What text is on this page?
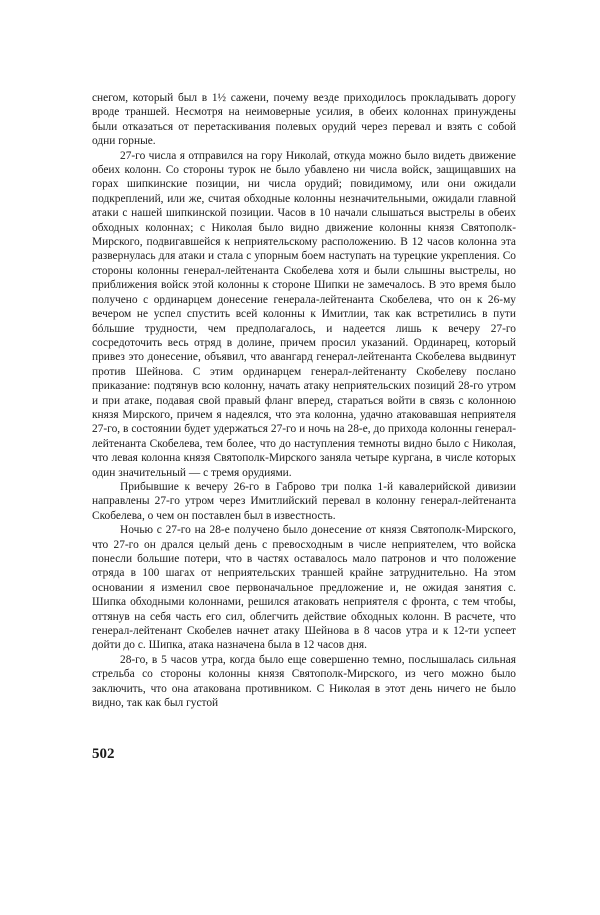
снегом, который был в 1½ сажени, почему везде приходилось прокладывать дорогу вроде траншей. Несмотря на неимоверные усилия, в обеих колоннах принуждены были отказаться от перетаскивания полевых орудий через перевал и взять с собой одни горные.

27-го числа я отправился на гору Николай, откуда можно было видеть движение обеих колонн. Со стороны турок не было убавлено ни числа войск, защищавших на горах шипкинские позиции, ни числа орудий; повидимому, или они ожидали подкреплений, или же, считая обходные колонны незначительными, ожидали главной атаки с нашей шипкинской позиции. Часов в 10 начали слышаться выстрелы в обеих обходных колоннах; с Николая было видно движение колонны князя Святополк-Мирского, подвигавшейся к неприятельскому расположению. В 12 часов колонна эта развернулась для атаки и стала с упорным боем наступать на турецкие укрепления. Со стороны колонны генерал-лейтенанта Скобелева хотя и были слышны выстрелы, но приближения войск этой колонны к стороне Шипки не замечалось. В это время было получено с ординарцем донесение генерала-лейтенанта Скобелева, что он к 26-му вечером не успел спустить всей колонны к Имитлии, так как встретились в пути бóльшие трудности, чем предполагалось, и надеется лишь к вечеру 27-го сосредоточить весь отряд в долине, причем просил указаний. Ординарец, который привез это донесение, объявил, что авангард генерал-лейтенанта Скобелева выдвинут против Шейнова. С этим ординарцем генерал-лейтенанту Скобелеву послано приказание: подтянув всю колонну, начать атаку неприятельских позиций 28-го утром и при атаке, подавая свой правый фланг вперед, стараться войти в связь с колонною князя Мирского, причем я надеялся, что эта колонна, удачно атаковавшая неприятеля 27-го, в состоянии будет удержаться 27-го и ночь на 28-е, до прихода колонны генерал-лейтенанта Скобелева, тем более, что до наступления темноты видно было с Николая, что левая колонна князя Святополк-Мирского заняла четыре кургана, в числе которых один значительный — с тремя орудиями.

Прибывшие к вечеру 26-го в Габрово три полка 1-й кавалерийской дивизии направлены 27-го утром через Имитлийский перевал в колонну генерал-лейтенанта Скобелева, о чем он поставлен был в известность.

Ночью с 27-го на 28-е получено было донесение от князя Святополк-Мирского, что 27-го он дрался целый день с превосходным в числе неприятелем, что войска понесли большие потери, что в частях оставалось мало патронов и что положение отряда в 100 шагах от неприятельских траншей крайне затруднительно. На этом основании я изменил свое первоначальное предложение и, не ожидая занятия с. Шипка обходными колоннами, решился атаковать неприятеля с фронта, с тем чтобы, оттянув на себя часть его сил, облегчить действие обходных колонн. В расчете, что генерал-лейтенант Скобелев начнет атаку Шейнова в 8 часов утра и к 12-ти успеет дойти до с. Шипка, атака назначена была в 12 часов дня.

28-го, в 5 часов утра, когда было еще совершенно темно, послышалась сильная стрельба со стороны колонны князя Святополк-Мирского, из чего можно было заключить, что она атакована противником. С Николая в этот день ничего не было видно, так как был густой

502
